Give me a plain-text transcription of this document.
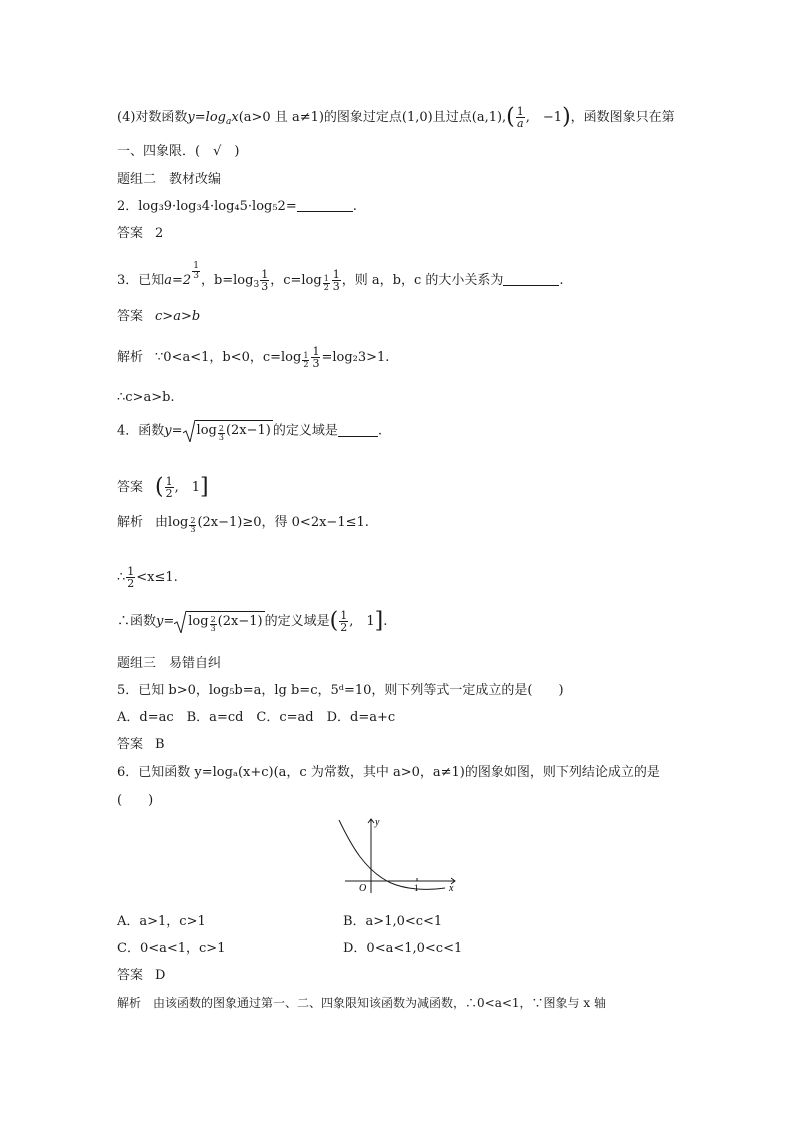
(4)对数函数$y=\log_ax(a>0$ 且 a≠1)的图象过定点(1,0)且过点$(a,1),( \frac{1}{a}$ ,　−1)，函数图象只在第
一、四象限．(　√　)
题组二　教材改编
2．log₃9·log₃4·log₄5·log₅2=	.
答案 2
3．已知$a=2 \frac{1}{3}$ ，$b=\log_3 \frac{1}{3}$ ，$c=\log \frac{1}{2} \frac{1}{3}$ ，则 a，b，c 的大小关系为	.
答案 c>a>b
解析 ∵0<a<1，b<0，$c=\log \frac{1}{2} \frac{1}{3} =\log_23>1$.
∴c>a>b.
4．函数$y= \log \frac{2}{3} (2x-1)$ 的定义域是	.
答案 ( $\frac{1}{2}$ ,　1]
解析 由$\log \frac{2}{3} (2x-1)\ge 0$，得 0<2x−1≤1.
∴ $\frac{1}{2} <x\le 1$.
∴函数$y= \log \frac{2}{3} (2x-1)$ 的定义域是( $\frac{1}{2}$ ,　1].
题组三　易错自纠
5．已知 b>0，log₅b=a，lg b=c，5ᵈ=10，则下列等式一定成立的是(　　)
A．d=ac　B．a=cd　C．c=ad　D．d=a+c
答案 B
6．已知函数 y=logₐ(x+c)(a，c 为常数，其中 a>0，a≠1)的图象如图，则下列结论成立的是
(　　)
y
x
O	1
A．a>1，c>1	B．a>1,0<c<1
C．0<a<1，c>1	D．0<a<1,0<c<1
答案 D
解析 由该函数的图象通过第一、二、四象限知该函数为减函数，∴0<a<1，∵图象与 x 轴
